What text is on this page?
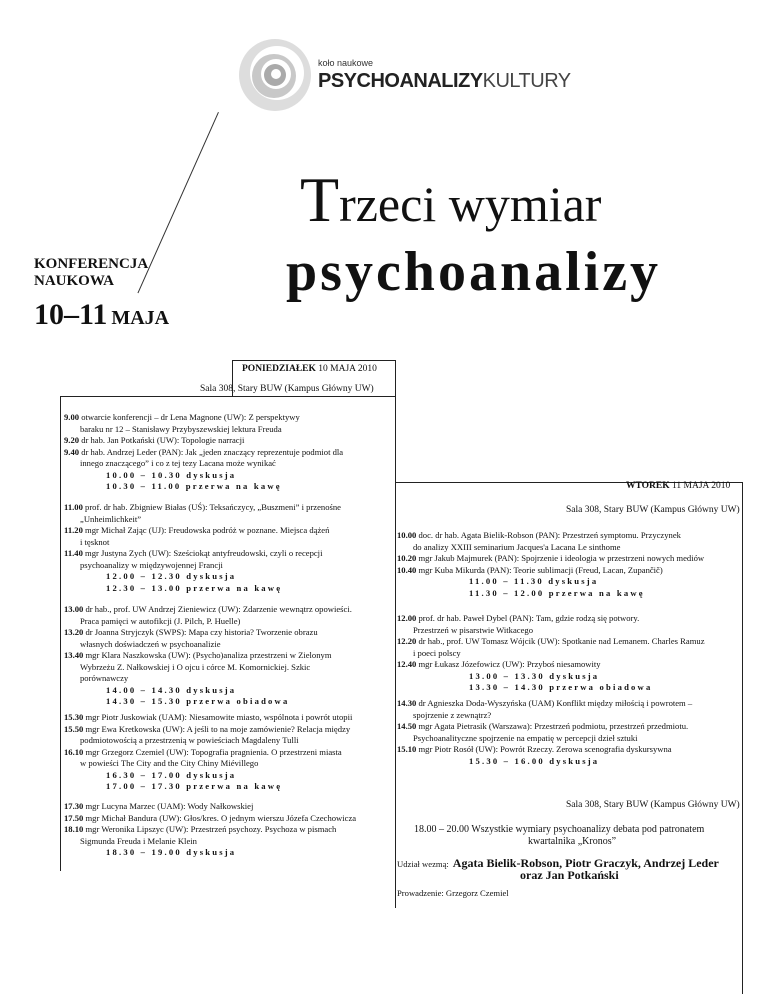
koło naukowe
PSYCHOANALIZYKULTURY
Trzeci wymiar
psychoanalizy
KONFERENCJA
NAUKOWA
10–11 MAJA
PONIEDZIAŁEK 10 MAJA 2010
Sala 308, Stary BUW (Kampus Główny UW)
WTOREK 11 MAJA 2010
Sala 308, Stary BUW (Kampus Główny UW)
Sala 308, Stary BUW (Kampus Główny UW)
18.00 – 20.00 Wszystkie wymiary psychoanalizy debata pod patronatem
kwartalnika „Kronos”
Udział wezmą: Agata Bielik-Robson, Piotr Graczyk, Andrzej Leder
oraz Jan Potkański
Prowadzenie: Grzegorz Czemiel
9.00 otwarcie konferencji – dr Lena Magnone (UW): Z perspektywy
baraku nr 12 – Stanisławy Przybyszewskiej lektura Freuda
9.20 dr hab. Jan Potkański (UW): Topologie narracji
9.40 dr hab. Andrzej Leder (PAN): Jak „jeden znaczący reprezentuje podmiot dla
innego znaczącego” i co z tej tezy Lacana może wynikać
10.00 – 10.30 dyskusja
10.30 – 11.00 przerwa na kawę
11.00 prof. dr hab. Zbigniew Białas (UŚ): Teksańczycy, „Buszmeni” i przenośne
„Unheimlichkeit”
11.20 mgr Michał Zając (UJ): Freudowska podróż w poznane. Miejsca dążeń
i tęsknot
11.40 mgr Justyna Zych (UW): Sześciokąt antyfreudowski, czyli o recepcji
psychoanalizy w międzywojennej Francji
12.00 – 12.30 dyskusja
12.30 – 13.00 przerwa na kawę
13.00 dr hab., prof. UW Andrzej Zieniewicz (UW): Zdarzenie wewnątrz opowieści.
Praca pamięci w autofikcji (J. Pilch, P. Huelle)
13.20 dr Joanna Stryjczyk (SWPS): Mapa czy historia? Tworzenie obrazu
własnych doświadczeń w psychoanalizie
13.40 mgr Klara Naszkowska (UW): (Psycho)analiza przestrzeni w Zielonym
Wybrzeżu Z. Nałkowskiej i O ojcu i córce M. Komornickiej. Szkic
porównawczy
14.00 – 14.30 dyskusja
14.30 – 15.30 przerwa obiadowa
15.30 mgr Piotr Juskowiak (UAM): Niesamowite miasto, wspólnota i powrót utopii
15.50 mgr Ewa Kretkowska (UW): A jeśli to na moje zamówienie? Relacja między
podmiotowością a przestrzenią w powieściach Magdaleny Tulli
16.10 mgr Grzegorz Czemiel (UW): Topografia pragnienia. O przestrzeni miasta
w powieści The City and the City Chiny Miévillego
16.30 – 17.00 dyskusja
17.00 – 17.30 przerwa na kawę
17.30 mgr Lucyna Marzec (UAM): Wody Nałkowskiej
17.50 mgr Michał Bandura (UW): Głos/kres. O jednym wierszu Józefa Czechowicza
18.10 mgr Weronika Lipszyc (UW): Przestrzeń psychozy. Psychoza w pismach
Sigmunda Freuda i Melanie Klein
18.30 – 19.00 dyskusja
10.00 doc. dr hab. Agata Bielik-Robson (PAN): Przestrzeń symptomu. Przyczynek
do analizy XXIII seminarium Jacques'a Lacana Le sinthome
10.20 mgr Jakub Majmurek (PAN): Spojrzenie i ideologia w przestrzeni nowych mediów
10.40 mgr Kuba Mikurda (PAN): Teorie sublimacji (Freud, Lacan, Zupančič)
11.00 – 11.30 dyskusja
11.30 – 12.00 przerwa na kawę
12.00 prof. dr hab. Paweł Dybel (PAN): Tam, gdzie rodzą się potwory.
Przestrzeń w pisarstwie Witkacego
12.20 dr hab., prof. UW Tomasz Wójcik (UW): Spotkanie nad Lemanem. Charles Ramuz
i poeci polscy
12.40 mgr Łukasz Józefowicz (UW): Przyboś niesamowity
13.00 – 13.30 dyskusja
13.30 – 14.30 przerwa obiadowa
14.30 dr Agnieszka Doda-Wyszyńska (UAM) Konflikt między miłością i powrotem –
spojrzenie z zewnątrz?
14.50 mgr Agata Pietrasik (Warszawa): Przestrzeń podmiotu, przestrzeń przedmiotu.
Psychoanalityczne spojrzenie na empatię w percepcji dzieł sztuki
15.10 mgr Piotr Rosół (UW): Powrót Rzeczy. Zerowa scenografia dyskursywna
15.30 – 16.00 dyskusja
